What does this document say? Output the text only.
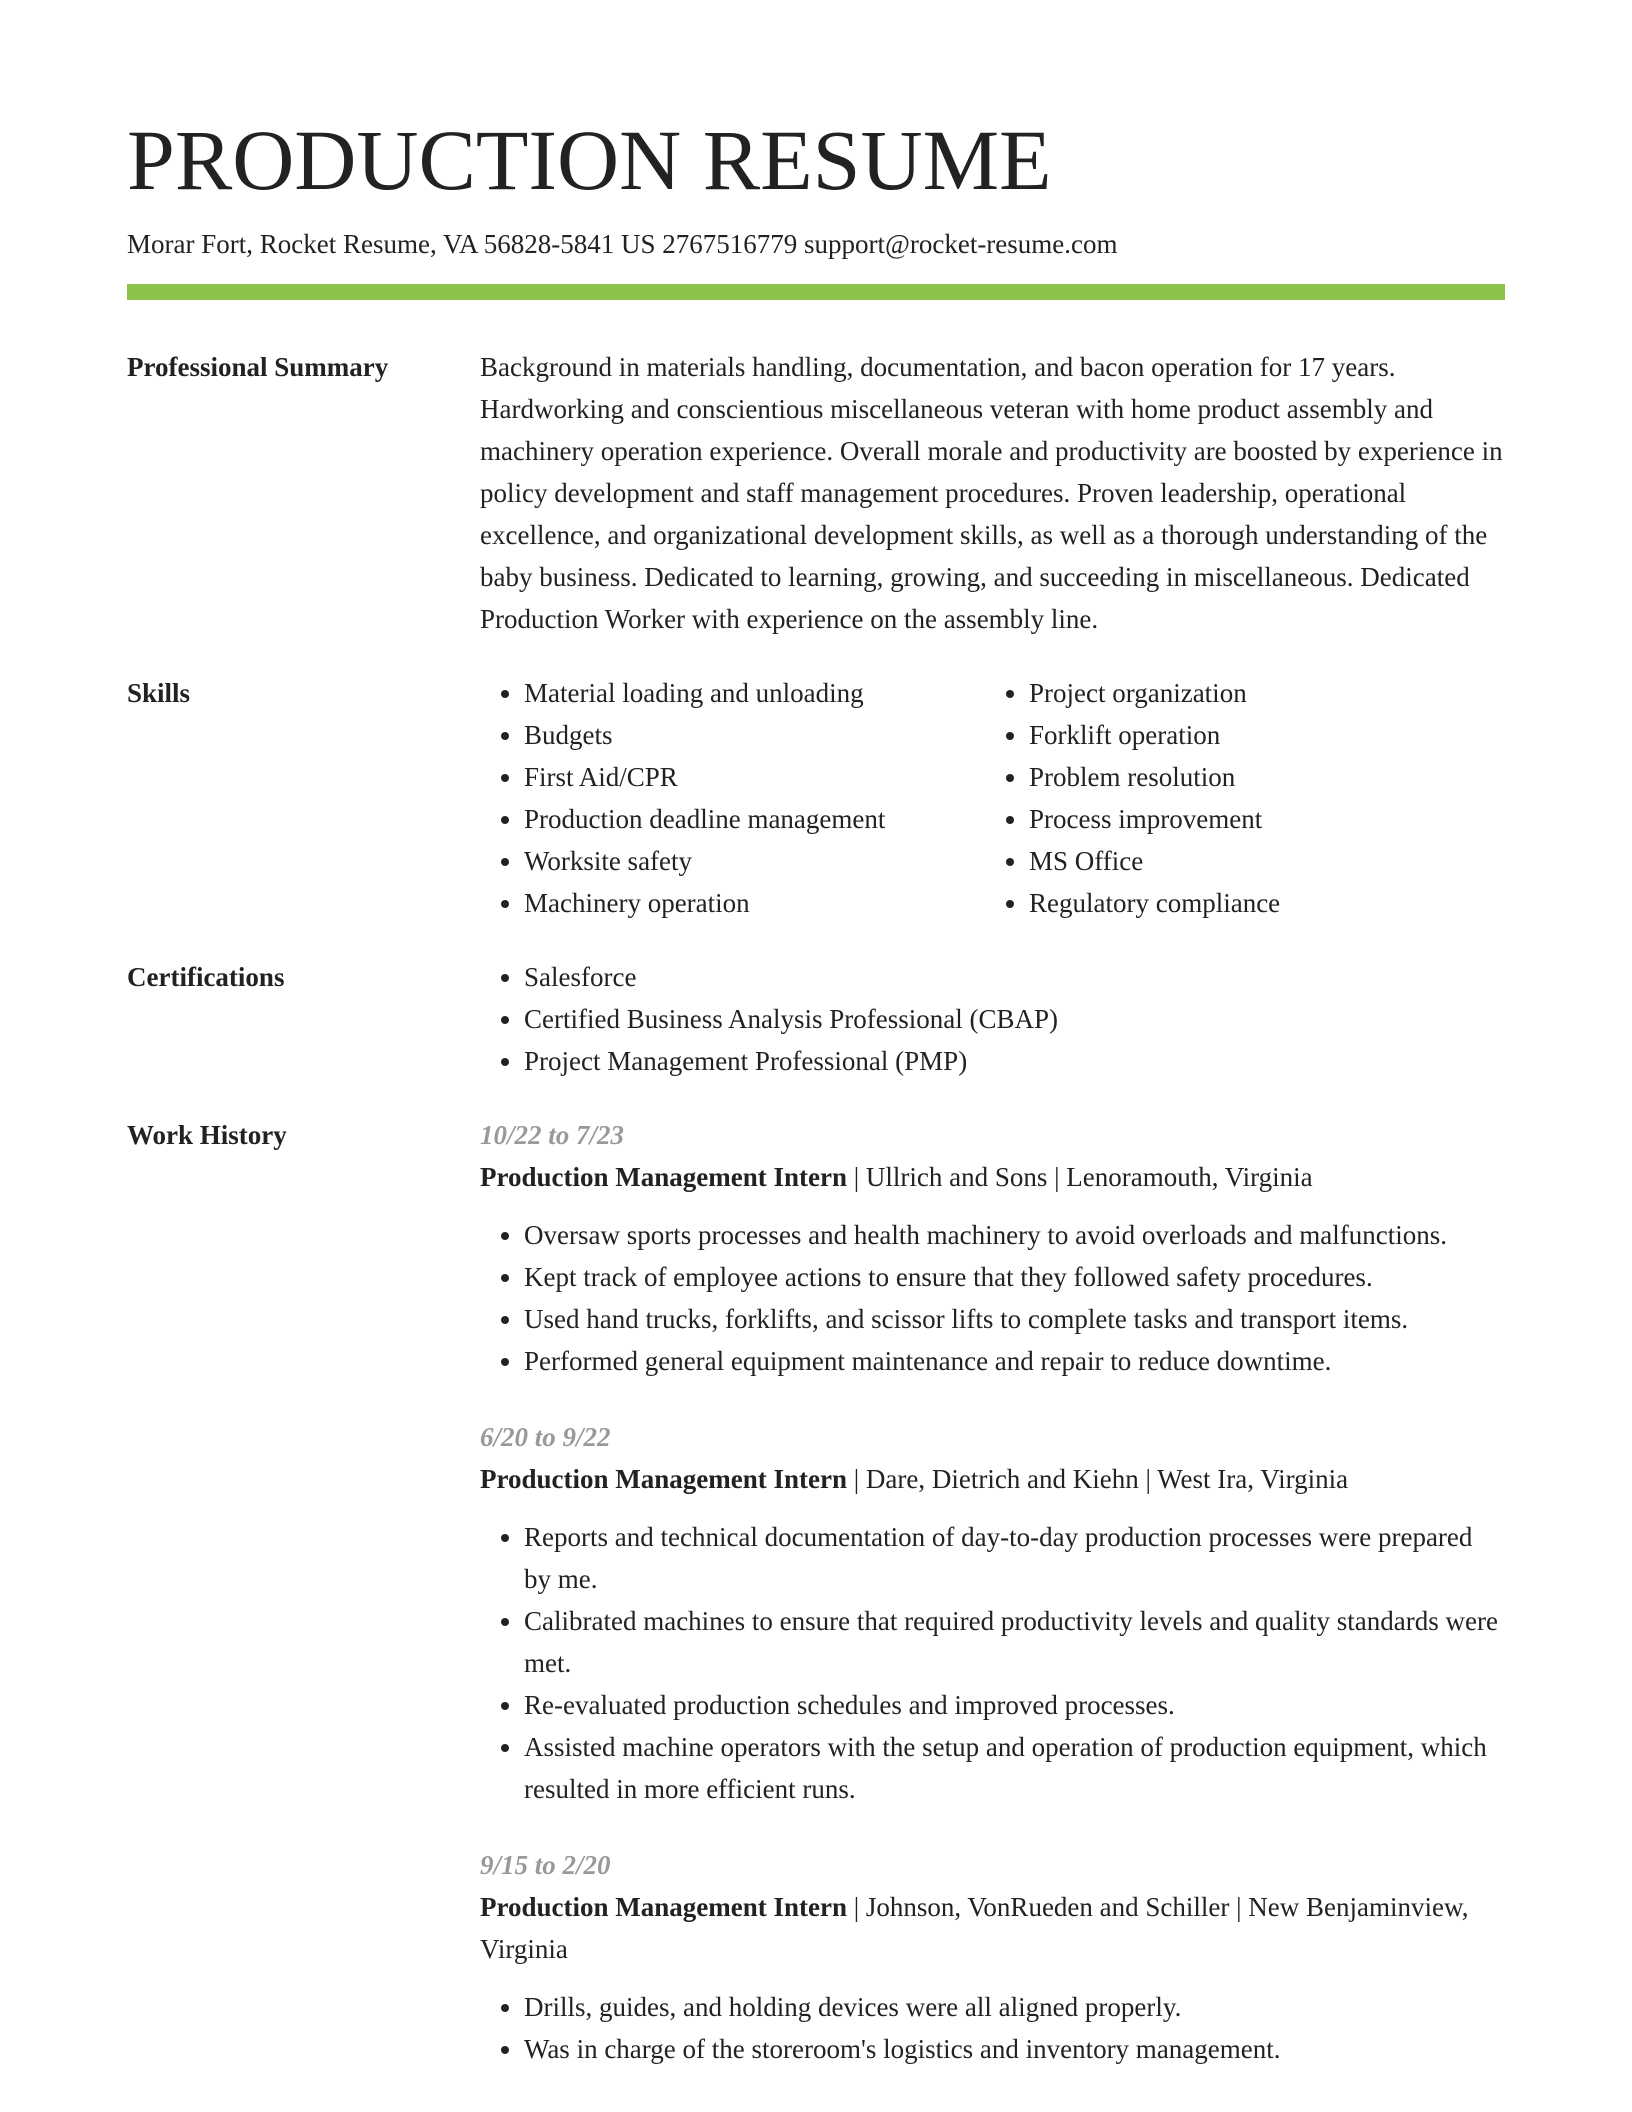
PRODUCTION RESUME
Morar Fort, Rocket Resume, VA 56828-5841 US 2767516779 support@rocket-resume.com
Professional Summary	Background in materials handling, documentation, and bacon operation for 17 years. Hardworking and conscientious miscellaneous veteran with home product assembly and machinery operation experience. Overall morale and productivity are boosted by experience in policy development and staff management procedures. Proven leadership, operational excellence, and organizational development skills, as well as a thorough understanding of the baby business. Dedicated to learning, growing, and succeeding in miscellaneous. Dedicated Production Worker with experience on the assembly line.

Skills	• Material loading and unloading
• Budgets
• First Aid/CPR
• Production deadline management
• Worksite safety
• Machinery operation
• Project organization
• Forklift operation
• Problem resolution
• Process improvement
• MS Office
• Regulatory compliance
Certifications	• Salesforce
• Certified Business Analysis Professional (CBAP)
• Project Management Professional (PMP)
Work History	10/22 to 7/23
Production Management Intern | Ullrich and Sons | Lenoramouth, Virginia
• Oversaw sports processes and health machinery to avoid overloads and malfunctions.
• Kept track of employee actions to ensure that they followed safety procedures.
• Used hand trucks, forklifts, and scissor lifts to complete tasks and transport items.
• Performed general equipment maintenance and repair to reduce downtime.
6/20 to 9/22
Production Management Intern | Dare, Dietrich and Kiehn | West Ira, Virginia
• Reports and technical documentation of day-to-day production processes were prepared by me.
• Calibrated machines to ensure that required productivity levels and quality standards were met.
• Re-evaluated production schedules and improved processes.
• Assisted machine operators with the setup and operation of production equipment, which resulted in more efficient runs.
9/15 to 2/20
Production Management Intern | Johnson, VonRueden and Schiller | New Benjaminview, Virginia
• Drills, guides, and holding devices were all aligned properly.
• Was in charge of the storeroom's logistics and inventory management.
